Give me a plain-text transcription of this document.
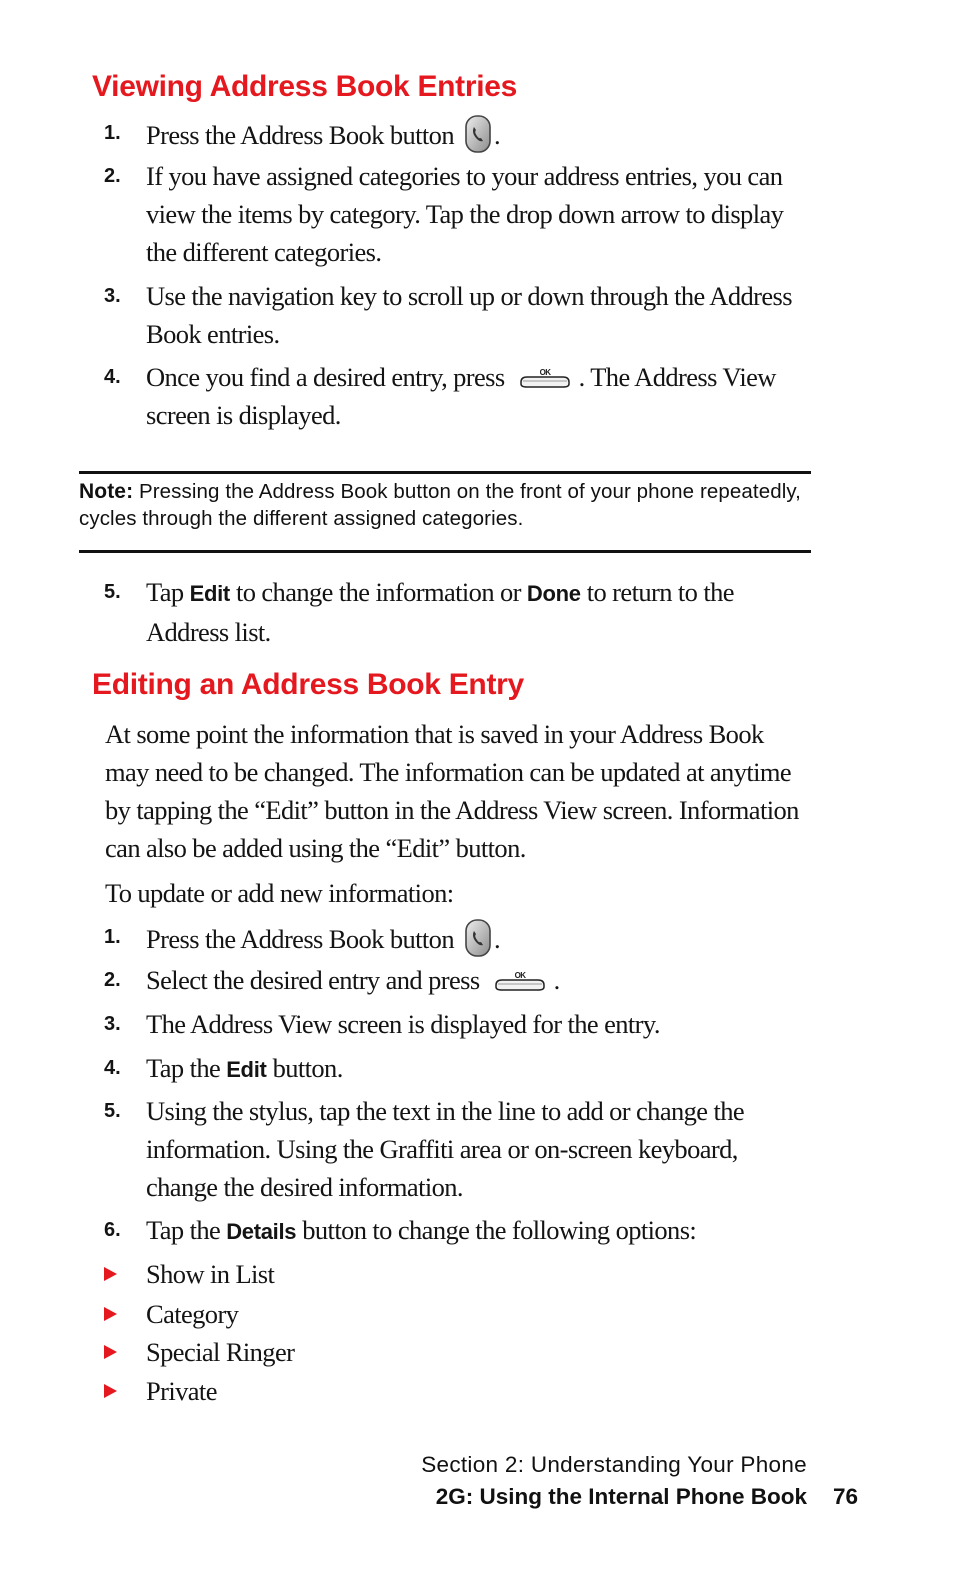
Viewing Address Book Entries
1. Press the Address Book button .
2. If you have assigned categories to your address entries, you can view the items by category. Tap the drop down arrow to display the different categories.
3. Use the navigation key to scroll up or down through the Address Book entries.
4. Once you find a desired entry, press	OK . The Address View screen is displayed.

Note: Pressing the Address Book button on the front of your phone repeatedly, cycles through the different assigned categories.

5. Tap Edit to change the information or Done to return to the Address list.
Editing an Address Book Entry

At some point the information that is saved in your Address Book may need to be changed. The information can be updated at anytime by tapping the “Edit” button in the Address View screen. Information can also be added using the “Edit” button.

To update or add new information:

1. Press the Address Book button .
2. Select the desired entry and press	OK .
3. The Address View screen is displayed for the entry.
4. Tap the Edit button.
5. Using the stylus, tap the text in the line to add or change the information. Using the Graffiti area or on-screen keyboard, change the desired information.
6. Tap the Details button to change the following options:
Show in List
Category
Special Ringer
Private
Section 2: Understanding Your Phone
2G: Using the Internal Phone Book 76
